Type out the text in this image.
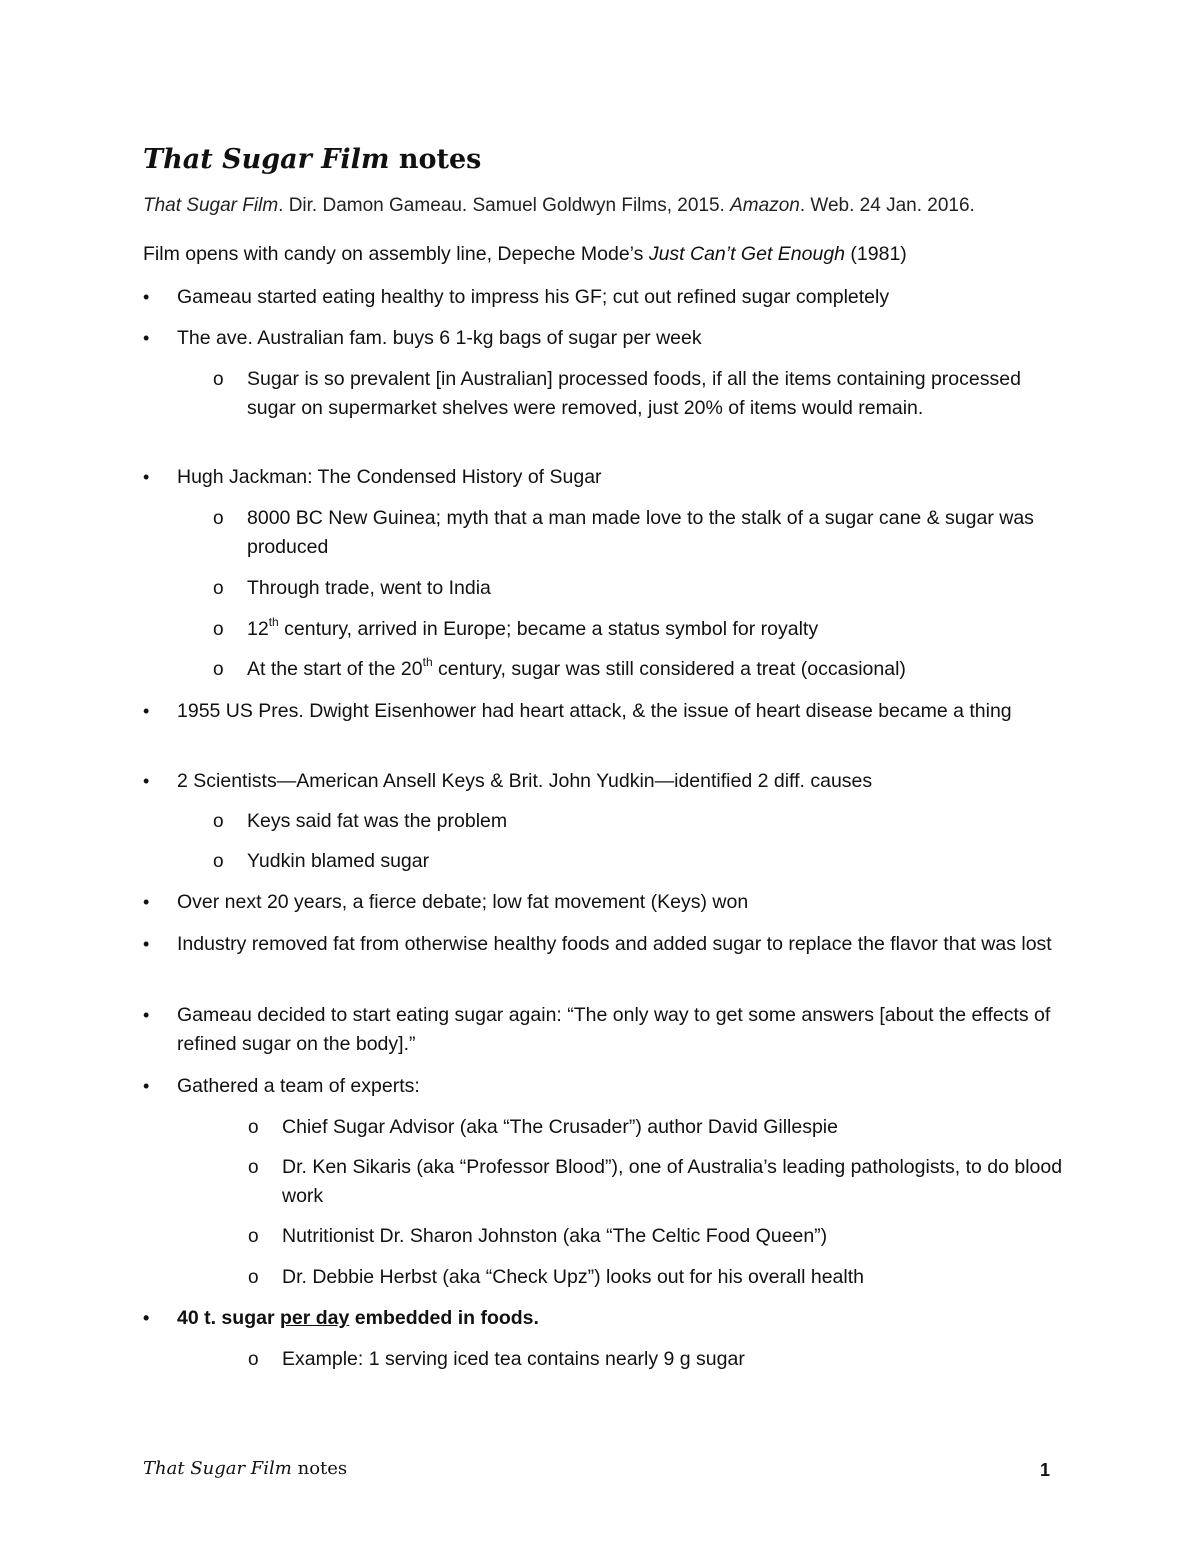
That Sugar Film notes
That Sugar Film. Dir. Damon Gameau. Samuel Goldwyn Films, 2015. Amazon. Web. 24 Jan. 2016.
Film opens with candy on assembly line, Depeche Mode’s Just Can’t Get Enough (1981)
•	Gameau started eating healthy to impress his GF; cut out refined sugar completely
•	The ave. Australian fam. buys 6 1-kg bags of sugar per week
o	Sugar is so prevalent [in Australian] processed foods, if all the items containing processed sugar on supermarket shelves were removed, just 20% of items would remain.
•	Hugh Jackman: The Condensed History of Sugar
o	8000 BC New Guinea; myth that a man made love to the stalk of a sugar cane & sugar was produced
o	Through trade, went to India
o	12th century, arrived in Europe; became a status symbol for royalty
o	At the start of the 20th century, sugar was still considered a treat (occasional)
•	1955 US Pres. Dwight Eisenhower had heart attack, & the issue of heart disease became a thing
•	2 Scientists—American Ansell Keys & Brit. John Yudkin—identified 2 diff. causes
o	Keys said fat was the problem
o	Yudkin blamed sugar
•	Over next 20 years, a fierce debate; low fat movement (Keys) won
•	Industry removed fat from otherwise healthy foods and added sugar to replace the flavor that was lost
•	Gameau decided to start eating sugar again: “The only way to get some answers [about the effects of refined sugar on the body].”
•	Gathered a team of experts:
o	Chief Sugar Advisor (aka “The Crusader”) author David Gillespie
o	Dr. Ken Sikaris (aka “Professor Blood”), one of Australia’s leading pathologists, to do blood work
o	Nutritionist Dr. Sharon Johnston (aka “The Celtic Food Queen”)
o	Dr. Debbie Herbst (aka “Check Upz”) looks out for his overall health
•	40 t. sugar per day embedded in foods.
o	Example: 1 serving iced tea contains nearly 9 g sugar
That Sugar Film notes	1
